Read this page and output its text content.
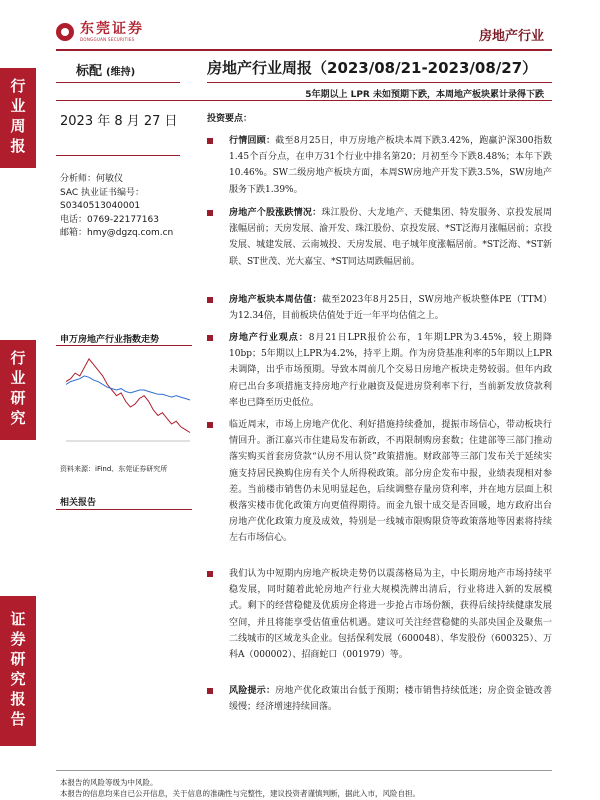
东莞证券
DONGGUAN SECURITIES	房地产行业
行业周报
行业研究
证券研究报告
标配 (维持)	房地产行业周报（2023/08/21-2023/08/27）
5年期以上 LPR 未如预期下跌，本周地产板块累计录得下跌
2023 年 8 月 27 日
分析师：何敏仪
SAC 执业证书编号：
S0340513040001
电话：0769-22177163
邮箱：hmy@dgzq.com.cn
申万房地产行业指数走势
资料来源：iFind、东莞证券研究所
相关报告
投资要点：
行情回顾：截至8月25日，申万房地产板块本周下跌3.42%，跑赢沪深300指数1.45个百分点，在申万31个行业中排名第20；月初至今下跌8.48%；本年下跌10.46%。SW二级房地产板块方面，本周SW房地产开发下跌3.5%，SW房地产服务下跌1.39%。
房地产个股涨跌情况：珠江股份、大龙地产、天健集团、特发服务、京投发展周涨幅居前；天房发展、渝开发、珠江股份、京投发展、*ST泛海月涨幅居前；京投发展、城建发展、云南城投、天房发展、电子城年度涨幅居前。*ST泛海、*ST新联、ST世茂、光大嘉宝、*ST同达周跌幅居前。
房地产板块本周估值：截至2023年8月25日，SW房地产板块整体PE（TTM）为12.34倍，目前板块估值处于近一年平均估值之上。
房地产行业观点：8月21日LPR报价公布，1年期LPR为3.45%，较上期降10bp；5年期以上LPR为4.2%，持平上期。作为房贷基准利率的5年期以上LPR未调降，出乎市场预期。导致本周前几个交易日房地产板块走势较弱。但年内政府已出台多项措施支持房地产行业融资及促进房贷利率下行，当前新发放贷款利率也已降至历史低位。
临近周末，市场上房地产优化、利好措施持续叠加，提振市场信心，带动板块行情回升。浙江嘉兴市住建局发布新政，不再限制购房套数；住建部等三部门推动落实购买首套房贷款“认房不用认贷”政策措施。财政部等三部门发布关于延续实施支持居民换购住房有关个人所得税政策。部分房企发布中报，业绩表现相对参差。当前楼市销售仍未见明显起色，后续调整存量房贷利率，并在地方层面上积极落实楼市优化政策方向更值得期待。而金九银十成交是否回暖，地方政府出台房地产优化政策力度及成效，特别是一线城市限购限贷等政策落地等因素将持续左右市场信心。
我们认为中短期内房地产板块走势仍以震荡格局为主，中长期房地产市场持续平稳发展，同时随着此轮房地产行业大规模洗牌出清后，行业将进入新的发展模式。剩下的经营稳健及优质房企将进一步抢占市场份额，获得后续持续健康发展空间，并且将能享受估值重估机遇。建议可关注经营稳健的头部央国企及聚焦一二线城市的区域龙头企业。包括保利发展（600048）、华发股份（600325）、万科A（000002）、招商蛇口（001979）等。
风险提示：房地产优化政策出台低于预期；楼市销售持续低迷；房企资金链改善缓慢；经济增速持续回落。
本报告的风险等级为中风险。
本报告的信息均来自已公开信息，关于信息的准确性与完整性，建议投资者谨慎判断，据此入市，风险自担。
